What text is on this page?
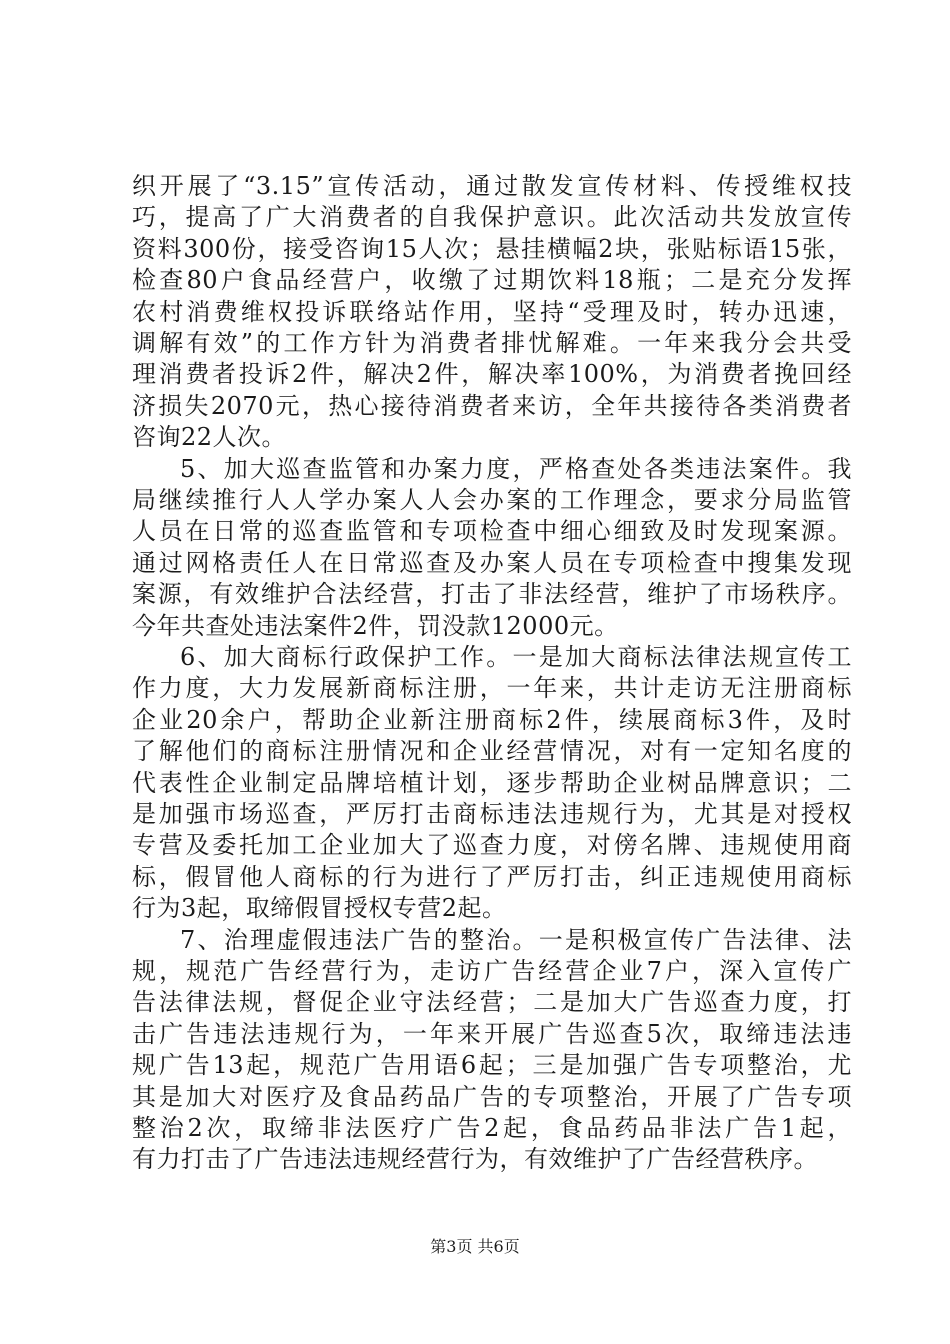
织开展了“3.15”宣传活动，通过散发宣传材料、传授维权技
巧，提高了广大消费者的自我保护意识。此次活动共发放宣传
资料300份，接受咨询15人次；悬挂横幅2块，张贴标语15张，
检查80户食品经营户，收缴了过期饮料18瓶；二是充分发挥
农村消费维权投诉联络站作用，坚持“受理及时，转办迅速，
调解有效”的工作方针为消费者排忧解难。一年来我分会共受
理消费者投诉2件，解决2件，解决率100%，为消费者挽回经
济损失2070元，热心接待消费者来访，全年共接待各类消费者
咨询22人次。
5、加大巡查监管和办案力度，严格查处各类违法案件。我
局继续推行人人学办案人人会办案的工作理念，要求分局监管
人员在日常的巡查监管和专项检查中细心细致及时发现案源。
通过网格责任人在日常巡查及办案人员在专项检查中搜集发现
案源，有效维护合法经营，打击了非法经营，维护了市场秩序。
今年共查处违法案件2件，罚没款12000元。
6、加大商标行政保护工作。一是加大商标法律法规宣传工
作力度，大力发展新商标注册，一年来，共计走访无注册商标
企业20余户，帮助企业新注册商标2件，续展商标3件，及时
了解他们的商标注册情况和企业经营情况，对有一定知名度的
代表性企业制定品牌培植计划，逐步帮助企业树品牌意识；二
是加强市场巡查，严厉打击商标违法违规行为，尤其是对授权
专营及委托加工企业加大了巡查力度，对傍名牌、违规使用商
标，假冒他人商标的行为进行了严厉打击，纠正违规使用商标
行为3起，取缔假冒授权专营2起。
7、治理虚假违法广告的整治。一是积极宣传广告法律、法
规，规范广告经营行为，走访广告经营企业7户，深入宣传广
告法律法规，督促企业守法经营；二是加大广告巡查力度，打
击广告违法违规行为，一年来开展广告巡查5次，取缔违法违
规广告13起，规范广告用语6起；三是加强广告专项整治，尤
其是加大对医疗及食品药品广告的专项整治，开展了广告专项
整治2次，取缔非法医疗广告2起，食品药品非法广告1起，
有力打击了广告违法违规经营行为，有效维护了广告经营秩序。
第3页 共6页
